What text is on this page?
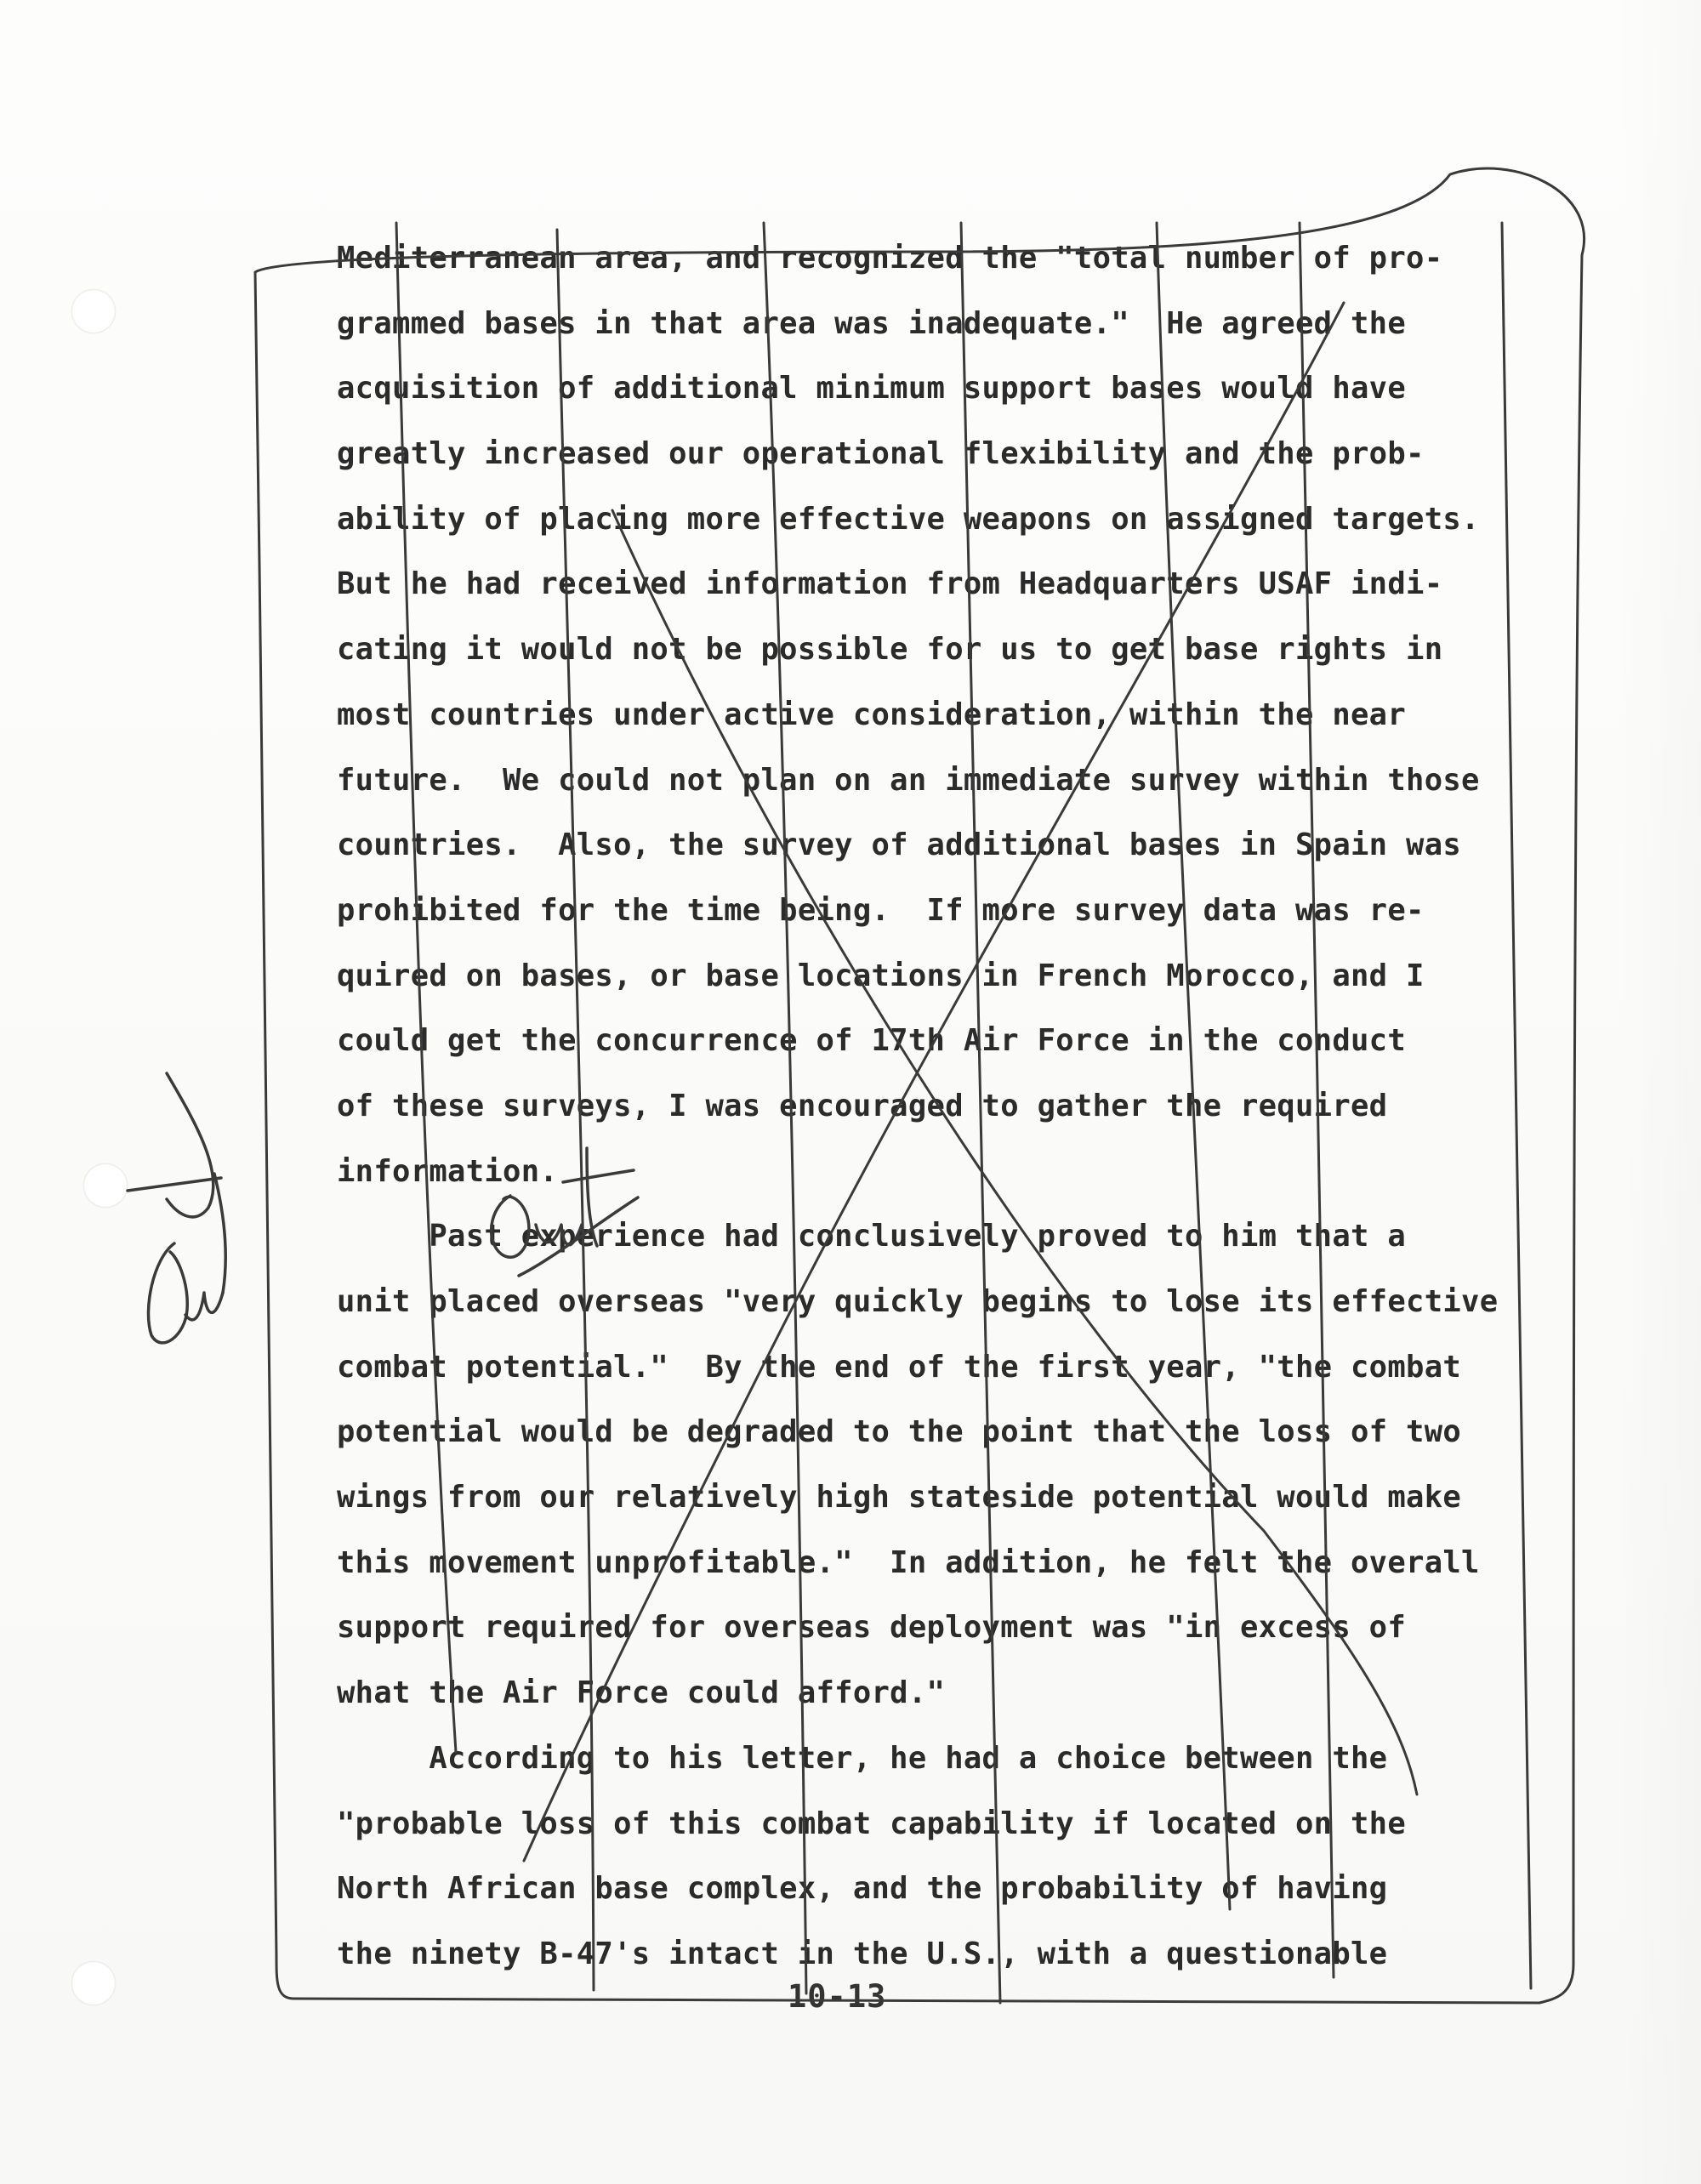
Mediterranean area, and recognized the "total number of pro-
grammed bases in that area was inadequate."  He agreed the
acquisition of additional minimum support bases would have
greatly increased our operational flexibility and the prob-
ability of placing more effective weapons on assigned targets.
But he had received information from Headquarters USAF indi-
cating it would not be possible for us to get base rights in
most countries under active consideration, within the near
future.  We could not plan on an immediate survey within those
countries.  Also, the survey of additional bases in Spain was
prohibited for the time being.  If more survey data was re-
quired on bases, or base locations in French Morocco, and I
could get the concurrence of 17th Air Force in the conduct
of these surveys, I was encouraged to gather the required
information.
Past experience had conclusively proved to him that a
unit placed overseas "very quickly begins to lose its effective
combat potential."  By the end of the first year, "the combat
potential would be degraded to the point that the loss of two
wings from our relatively high stateside potential would make
this movement unprofitable."  In addition, he felt the overall
support required for overseas deployment was "in excess of
what the Air Force could afford."
According to his letter, he had a choice between the
"probable loss of this combat capability if located on the
North African base complex, and the probability of having
the ninety B-47's intact in the U.S., with a questionable
10-13
